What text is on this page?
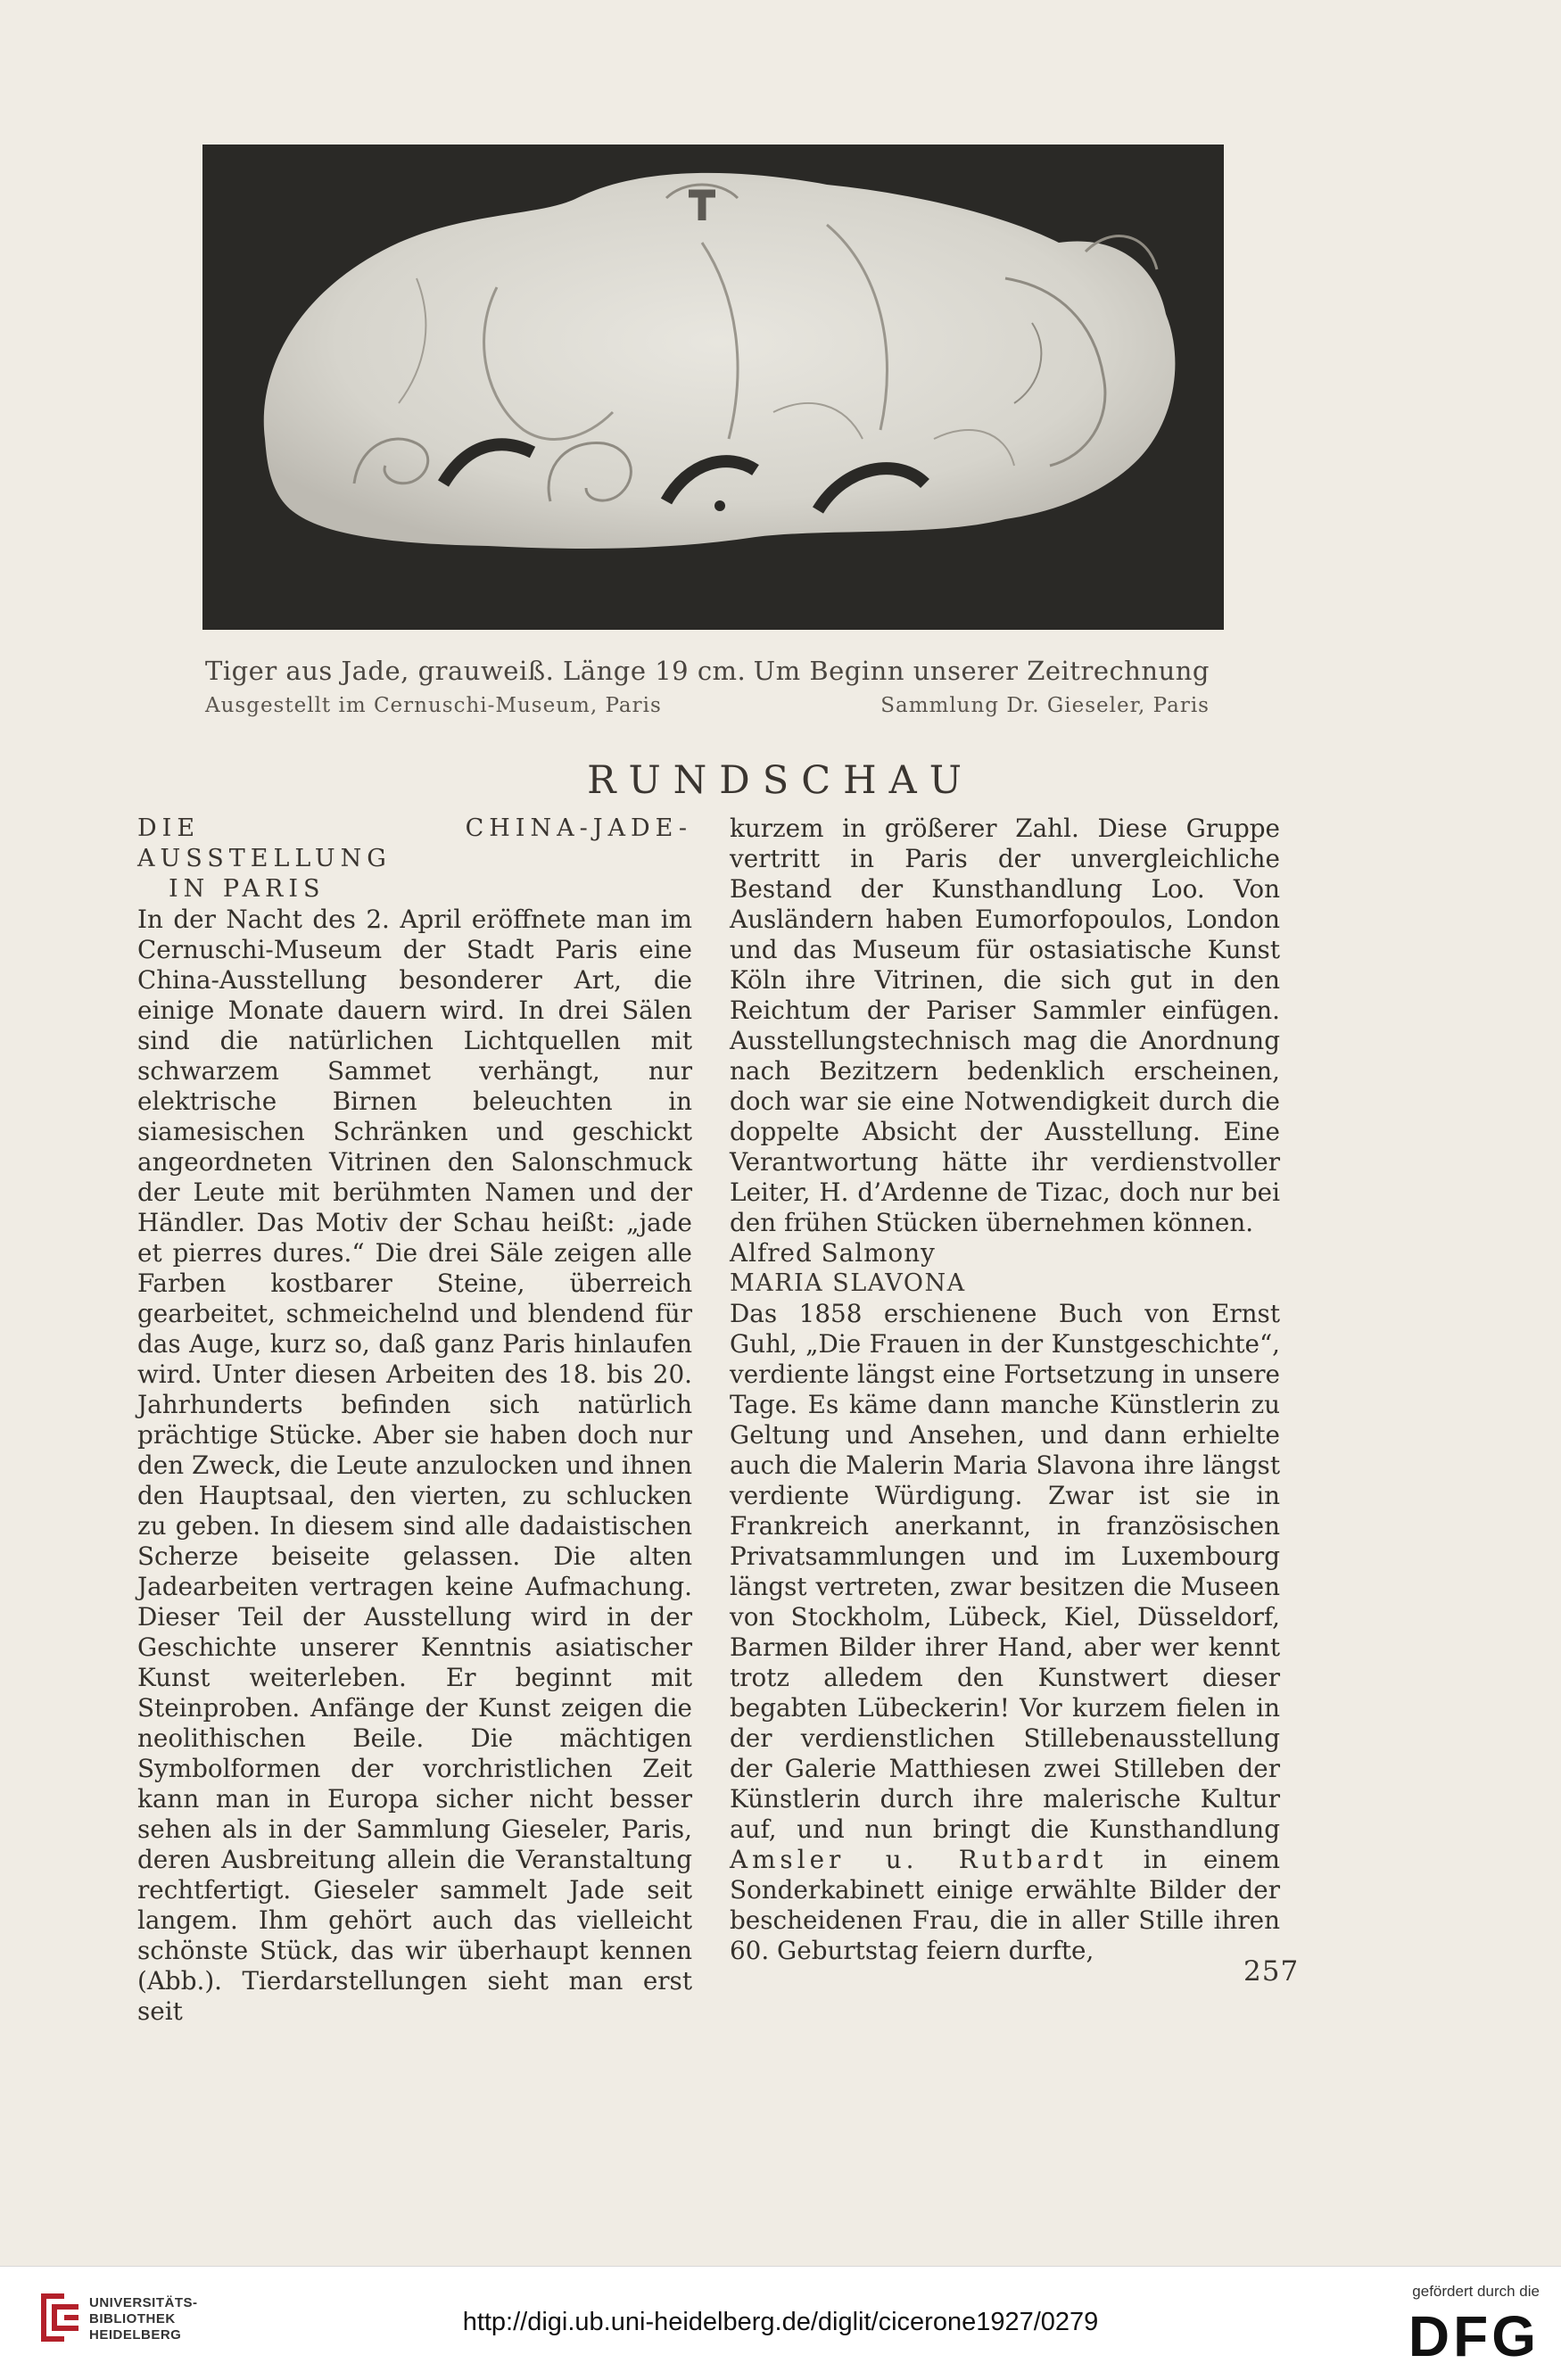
Tiger aus Jade, grauweiß. Länge 19 cm. Um Beginn unserer Zeitrechnung
Ausgestellt im Cernuschi-Museum, Paris	Sammlung Dr. Gieseler, Paris
RUNDSCHAU

DIE CHINA-JADE-AUSSTELLUNG

IN PARIS

In der Nacht des 2. April eröffnete man im Cernuschi-Museum der Stadt Paris eine China-Ausstellung besonderer Art, die einige Monate dauern wird. In drei Sälen sind die natürlichen Lichtquellen mit schwarzem Sammet verhängt, nur elektrische Birnen beleuchten in siamesischen Schränken und geschickt angeordneten Vitrinen den Salonschmuck der Leute mit berühmten Namen und der Händler. Das Motiv der Schau heißt: „jade et pierres dures.“ Die drei Säle zeigen alle Farben kostbarer Steine, überreich gearbeitet, schmeichelnd und blendend für das Auge, kurz so, daß ganz Paris hinlaufen wird. Unter diesen Arbeiten des 18. bis 20. Jahrhunderts befinden sich natürlich prächtige Stücke. Aber sie haben doch nur den Zweck, die Leute anzulocken und ihnen den Hauptsaal, den vierten, zu schlucken zu geben. In diesem sind alle dadaistischen Scherze beiseite gelassen. Die alten Jadearbeiten vertragen keine Aufmachung. Dieser Teil der Ausstellung wird in der Geschichte unserer Kenntnis asiatischer Kunst weiterleben. Er beginnt mit Steinproben. Anfänge der Kunst zeigen die neolithischen Beile. Die mächtigen Symbolformen der vorchristlichen Zeit kann man in Europa sicher nicht besser sehen als in der Sammlung Gieseler, Paris, deren Ausbreitung allein die Veranstaltung rechtfertigt. Gieseler sammelt Jade seit langem. Ihm gehört auch das vielleicht schönste Stück, das wir überhaupt kennen (Abb.). Tierdarstellungen sieht man erst seit

kurzem in größerer Zahl. Diese Gruppe vertritt in Paris der unvergleichliche Bestand der Kunsthandlung Loo. Von Ausländern haben Eumorfopoulos, London und das Museum für ostasiatische Kunst Köln ihre Vitrinen, die sich gut in den Reichtum der Pariser Sammler einfügen. Ausstellungstechnisch mag die Anordnung nach Bezitzern bedenklich erscheinen, doch war sie eine Notwendigkeit durch die doppelte Absicht der Ausstellung. Eine Verantwortung hätte ihr verdienstvoller Leiter, H. d’Ardenne de Tizac, doch nur bei den frühen Stücken übernehmen können.

Alfred Salmony

MARIA SLAVONA

Das 1858 erschienene Buch von Ernst Guhl, „Die Frauen in der Kunstgeschichte“, verdiente längst eine Fortsetzung in unsere Tage. Es käme dann manche Künstlerin zu Geltung und Ansehen, und dann erhielte auch die Malerin Maria Slavona ihre längst verdiente Würdigung. Zwar ist sie in Frankreich anerkannt, in französischen Privatsammlungen und im Luxembourg längst vertreten, zwar besitzen die Museen von Stockholm, Lübeck, Kiel, Düsseldorf, Barmen Bilder ihrer Hand, aber wer kennt trotz alledem den Kunstwert dieser begabten Lübeckerin! Vor kurzem fielen in der verdienstlichen Stillebenausstellung der Galerie Matthiesen zwei Stilleben der Künstlerin durch ihre malerische Kultur auf, und nun bringt die Kunsthandlung Amsler u. Rutbardt in einem Sonderkabinett einige erwählte Bilder der bescheidenen Frau, die in aller Stille ihren 60. Geburtstag feiern durfte,

257
UNIVERSITÄTS-
BIBLIOTHEK
HEIDELBERG	http://digi.ub.uni-heidelberg.de/diglit/cicerone1927/0279
gefördert durch die
DFG
